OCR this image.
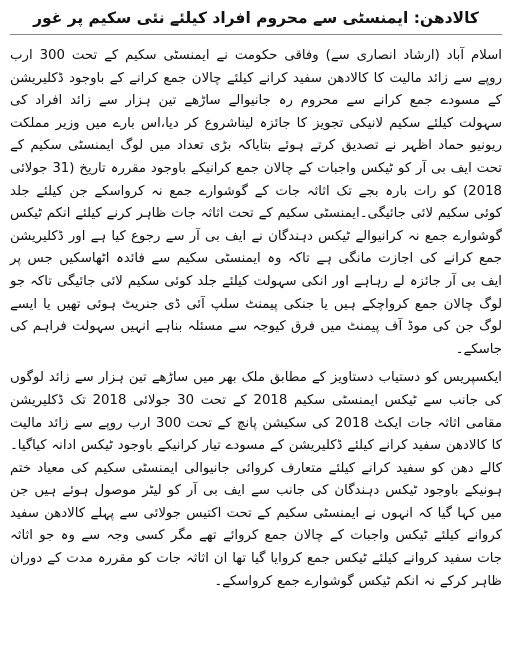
کالادھن: ایمنسٹی سے محروم افراد کیلئے نئی سکیم پر غور

اسلام آباد (ارشاد انصاری سے) وفاقی حکومت نے ایمنسٹی سکیم کے تحت 300 ارب روپے سے زائد مالیت کا کالادھن سفید کرانے کیلئے چالان جمع کرانے کے باوجود ڈکلیریشن کے مسودے جمع کرانے سے محروم رہ جانیوالے ساڑھے تین ہزار سے زائد افراد کی سہولت کیلئے سکیم لانیکی تجویز کا جائزہ لیناشروع کر دیا،اس بارے میں وزیر مملکت ریونیو حماد اظہر نے تصدیق کرتے ہوئے بتایاکہ بڑی تعداد میں لوگ ایمنسٹی سکیم کے تحت ایف بی آر کو ٹیکس واجبات کے چالان جمع کرانیکے باوجود مقررہ تاریخ (31 جولائی 2018) کو رات بارہ بجے تک اثاثہ جات کے گوشوارے جمع نہ کرواسکے جن کیلئے جلد کوئی سکیم لائی جائیگی۔ایمنسٹی سکیم کے تحت اثاثہ جات ظاہر کرنے کیلئے انکم ٹیکس گوشوارے جمع نہ کرانیوالے ٹیکس دہندگان نے ایف بی آر سے رجوع کیا ہے اور ڈکلیریشن جمع کرانے کی اجازت مانگی ہے تاکہ وہ ایمنسٹی سکیم سے فائدہ اٹھاسکیں جس پر ایف بی آر جائزہ لے رہاہے اور انکی سہولت کیلئے جلد کوئی سکیم لائی جائیگی تاکہ جو لوگ چالان جمع کرواچکے ہیں یا جنکی پیمنٹ سلپ آئی ڈی جنریٹ ہوئی تھیں یا ایسے لوگ جن کی موڈ آف پیمنٹ میں فرق کیوجہ سے مسئلہ بناہے انہیں سہولت فراہم کی جاسکے۔

ایکسپریس کو دستیاب دستاویز کے مطابق ملک بھر میں ساڑھے تین ہزار سے زائد لوگوں کی جانب سے ٹیکس ایمنسٹی سکیم 2018 کے تحت 30 جولائی 2018 تک ڈکلیریشن مقامی اثاثہ جات ایکٹ 2018 کی سکیشن پانچ کے تحت 300 ارب روپے سے زائد مالیت کا کالادھن سفید کرانے کیلئے ڈکلیریشن کے مسودے تیار کرانیکے باوجود ٹیکس ادانہ کیاگیا۔کالے دھن کو سفید کرانے کیلئے متعارف کروائی جانیوالی ایمنسٹی سکیم کی معیاد ختم ہونیکے باوجود ٹیکس دہندگان کی جانب سے ایف بی آر کو لیٹر موصول ہوئے ہیں جن میں کہا گیا کہ انہوں نے ایمنسٹی سکیم کے تحت اکتیس جولائی سے پہلے کالادھن سفید کروانے کیلئے ٹیکس واجبات کے چالان جمع کروائے تھے مگر کسی وجہ سے وہ جو اثاثہ جات سفید کروانے کیلئے ٹیکس جمع کروایا گیا تھا ان اثاثہ جات کو مقررہ مدت کے دوران ظاہر کرکے نہ انکم ٹیکس گوشوارے جمع کرواسکے۔
